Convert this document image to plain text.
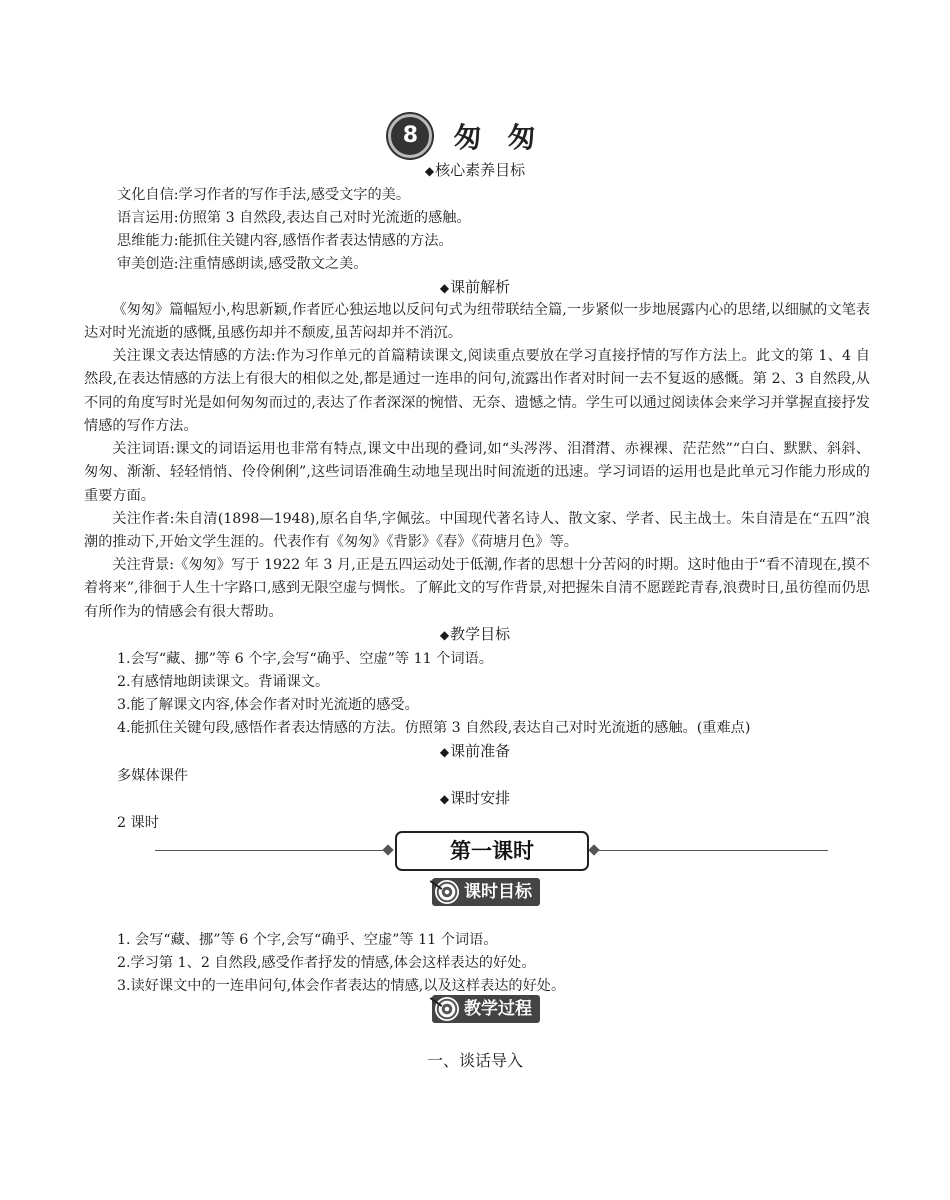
8 匆匆
◆核心素养目标
文化自信:学习作者的写作手法,感受文字的美。
语言运用:仿照第 3 自然段,表达自己对时光流逝的感触。
思维能力:能抓住关键内容,感悟作者表达情感的方法。
审美创造:注重情感朗读,感受散文之美。
◆课前解析
《匆匆》篇幅短小,构思新颖,作者匠心独运地以反问句式为纽带联结全篇,一步紧似一步地展露内心的思绪,以细腻的文笔表达对时光流逝的感慨,虽感伤却并不颓废,虽苦闷却并不消沉。
关注课文表达情感的方法:作为习作单元的首篇精读课文,阅读重点要放在学习直接抒情的写作方法上。此文的第 1、4 自然段,在表达情感的方法上有很大的相似之处,都是通过一连串的问句,流露出作者对时间一去不复返的感慨。第 2、3 自然段,从不同的角度写时光是如何匆匆而过的,表达了作者深深的惋惜、无奈、遗憾之情。学生可以通过阅读体会来学习并掌握直接抒发情感的写作方法。
关注词语:课文的词语运用也非常有特点,课文中出现的叠词,如“头涔涔、泪潸潸、赤裸裸、茫茫然”“白白、默默、斜斜、匆匆、渐渐、轻轻悄悄、伶伶俐俐”,这些词语准确生动地呈现出时间流逝的迅速。学习词语的运用也是此单元习作能力形成的重要方面。
关注作者:朱自清(1898—1948),原名自华,字佩弦。中国现代著名诗人、散文家、学者、民主战士。朱自清是在“五四”浪潮的推动下,开始文学生涯的。代表作有《匆匆》《背影》《春》《荷塘月色》等。
关注背景:《匆匆》写于 1922 年 3 月,正是五四运动处于低潮,作者的思想十分苦闷的时期。这时他由于“看不清现在,摸不着将来”,徘徊于人生十字路口,感到无限空虚与惆怅。了解此文的写作背景,对把握朱自清不愿蹉跎青春,浪费时日,虽彷徨而仍思有所作为的情感会有很大帮助。
◆教学目标
1.会写“藏、挪”等 6 个字,会写“确乎、空虚”等 11 个词语。
2.有感情地朗读课文。背诵课文。
3.能了解课文内容,体会作者对时光流逝的感受。
4.能抓住关键句段,感悟作者表达情感的方法。仿照第 3 自然段,表达自己对时光流逝的感触。(重难点)
◆课前准备
多媒体课件
◆课时安排
2 课时
第一课时
课时目标
1. 会写“藏、挪”等 6 个字,会写“确乎、空虚”等 11 个词语。
2.学习第 1、2 自然段,感受作者抒发的情感,体会这样表达的好处。
3.读好课文中的一连串问句,体会作者表达的情感,以及这样表达的好处。
教学过程
一、谈话导入
